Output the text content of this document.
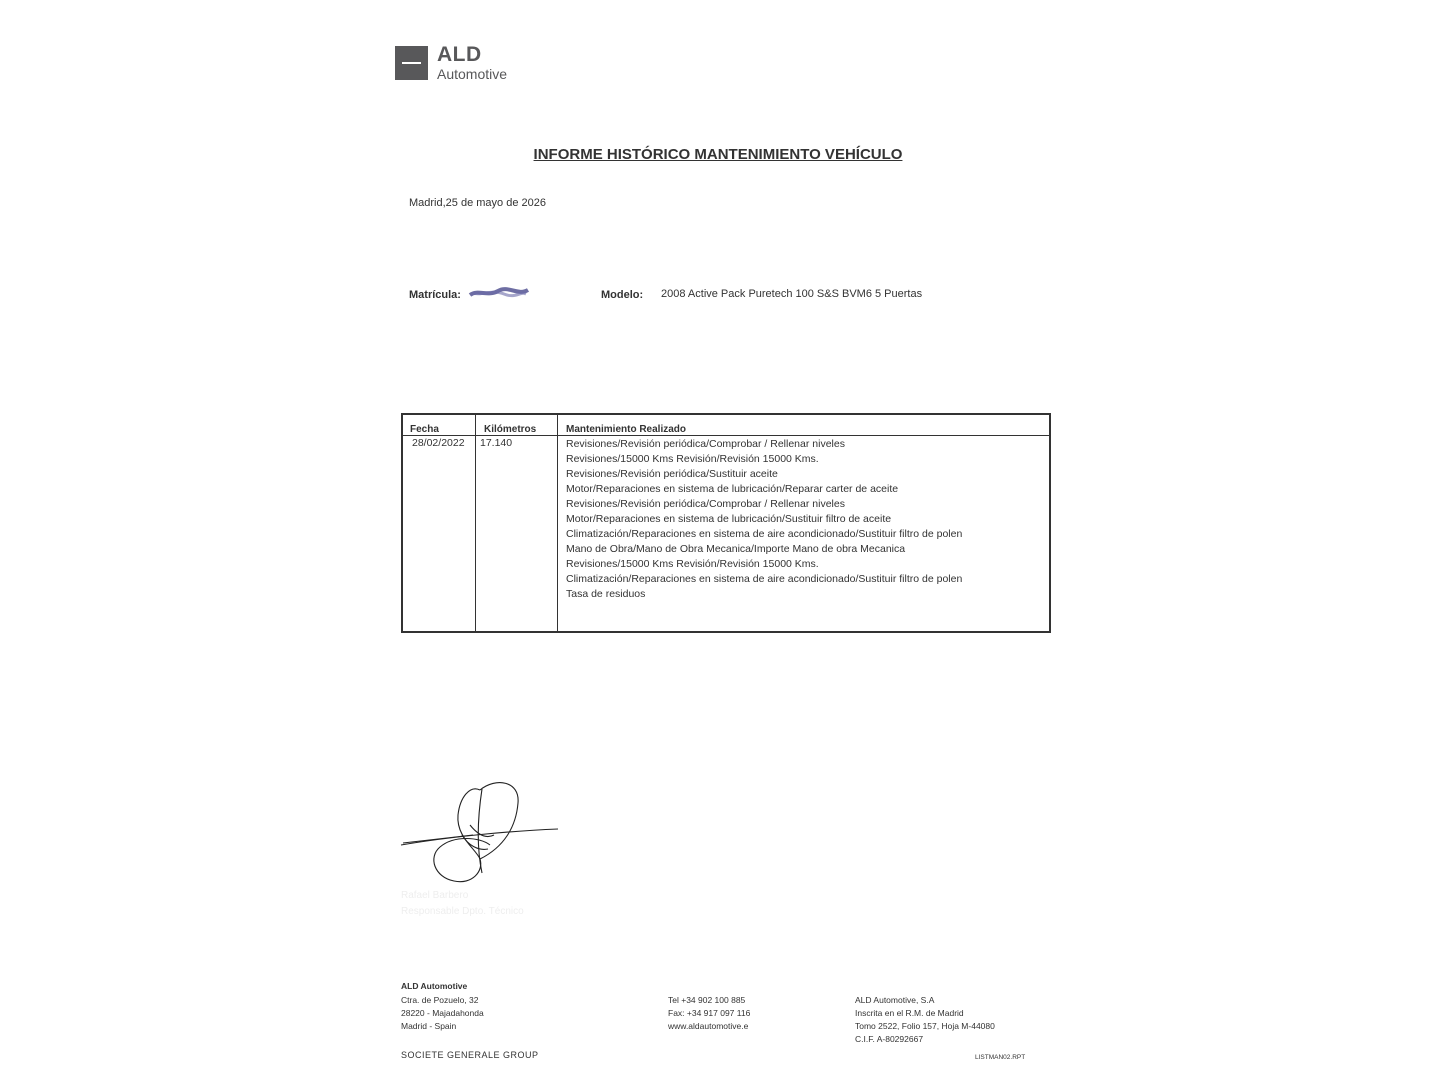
ALD
Automotive
INFORME HISTÓRICO MANTENIMIENTO VEHÍCULO
Madrid,25 de mayo de 2026
Matrícula:	Modelo: 2008 Active Pack Puretech 100 S&S BVM6 5 Puertas
Fecha	Kilómetros	Mantenimiento Realizado
28/02/2022 17.140	Revisiones/Revisión periódica/Comprobar / Rellenar niveles
Revisiones/15000 Kms Revisión/Revisión 15000 Kms.
Revisiones/Revisión periódica/Sustituir aceite
Motor/Reparaciones en sistema de lubricación/Reparar carter de aceite
Revisiones/Revisión periódica/Comprobar / Rellenar niveles
Motor/Reparaciones en sistema de lubricación/Sustituir filtro de aceite
Climatización/Reparaciones en sistema de aire acondicionado/Sustituir filtro de polen
Mano de Obra/Mano de Obra Mecanica/Importe Mano de obra Mecanica
Revisiones/15000 Kms Revisión/Revisión 15000 Kms.
Climatización/Reparaciones en sistema de aire acondicionado/Sustituir filtro de polen
Tasa de residuos
Rafael Barbero
Responsable Dpto. Técnico
ALD Automotive
Ctra. de Pozuelo, 32
28220 - Majadahonda
Madrid - Spain
Tel +34 902 100 885
Fax: +34 917 097 116
www.aldautomotive.e
ALD Automotive, S.A
Inscrita en el R.M. de Madrid
Tomo 2522, Folio 157, Hoja M-44080
C.I.F. A-80292667
SOCIETE GENERALE GROUP	LISTMAN02.RPT
